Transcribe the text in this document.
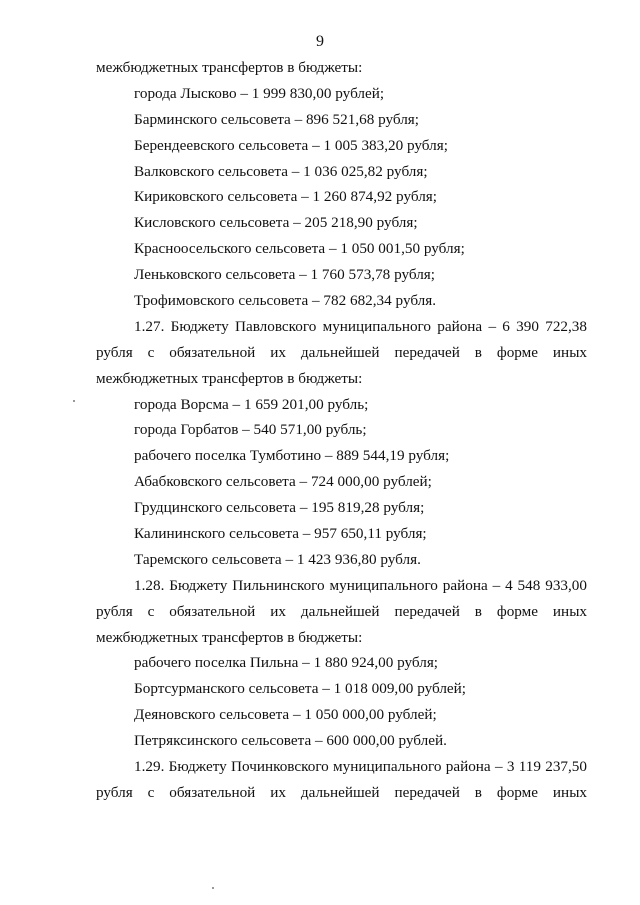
9
межбюджетных трансфертов в бюджеты:
города Лысково – 1 999 830,00 рублей;
Барминского сельсовета – 896 521,68 рубля;
Берендеевского сельсовета – 1 005 383,20 рубля;
Валковского сельсовета – 1 036 025,82 рубля;
Кириковского сельсовета – 1 260 874,92 рубля;
Кисловского сельсовета – 205 218,90 рубля;
Красноосельского сельсовета – 1 050 001,50 рубля;
Леньковского сельсовета – 1 760 573,78 рубля;
Трофимовского сельсовета – 782 682,34 рубля.
1.27. Бюджету Павловского муниципального района – 6 390 722,38
рубля с обязательной их дальнейшей передачей в форме иных
межбюджетных трансфертов в бюджеты:
города Ворсма – 1 659 201,00 рубль;
города Горбатов – 540 571,00 рубль;
рабочего поселка Тумботино – 889 544,19 рубля;
Абабковского сельсовета – 724 000,00 рублей;
Грудцинского сельсовета – 195 819,28 рубля;
Калининского сельсовета – 957 650,11 рубля;
Таремского сельсовета – 1 423 936,80 рубля.
1.28. Бюджету Пильнинского муниципального района – 4 548 933,00
рубля с обязательной их дальнейшей передачей в форме иных
межбюджетных трансфертов в бюджеты:
рабочего поселка Пильна – 1 880 924,00 рубля;
Бортсурманского сельсовета – 1 018 009,00 рублей;
Деяновского сельсовета – 1 050 000,00 рублей;
Петряксинского сельсовета – 600 000,00 рублей.
1.29. Бюджету Починковского муниципального района – 3 119 237,50
рубля с обязательной их дальнейшей передачей в форме иных
